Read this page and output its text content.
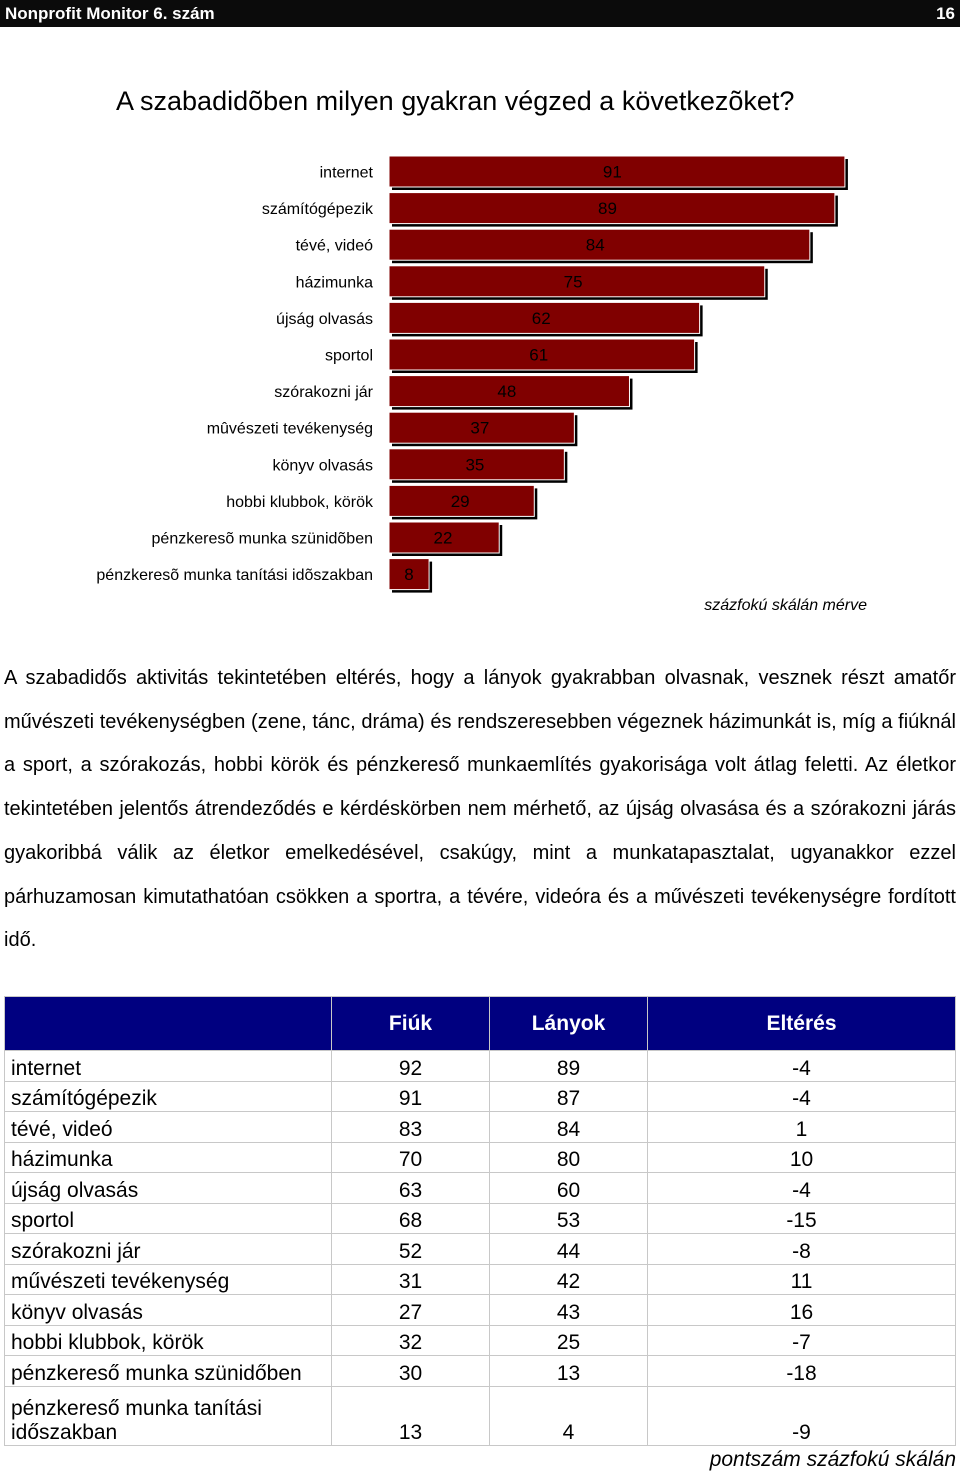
Nonprofit Monitor 6. szám	16
A szabadidõben milyen gyakran végzed a következõket?
internet	91
számítógépezik	89
tévé, videó	84
házimunka	75
újság olvasás	62
sportol	61
szórakozni jár	48
mûvészeti tevékenység	37
könyv olvasás	35
hobbi klubbok, körök	29
pénzkeresõ munka szünidõben	22
pénzkeresõ munka tanítási idõszakban 8
százfokú skálán mérve

A szabadidős aktivitás tekintetében eltérés, hogy a lányok gyakrabban olvasnak, vesznek részt amatőr művészeti tevékenységben (zene, tánc, dráma) és rendszeresebben végeznek házimunkát is, míg a fiúknál a sport, a szórakozás, hobbi körök és pénzkereső munkaemlítés gyakorisága volt átlag feletti. Az életkor tekintetében jelentős átrendeződés e kérdéskörben nem mérhető, az újság olvasása és a szórakozni járás gyakoribbá válik az életkor emelkedésével, csakúgy, mint a munkatapasztalat, ugyanakkor ezzel párhuzamosan kimutathatóan csökken a sportra, a tévére, videóra és a művészeti tevékenységre fordított idő.

	Fiúk	Lányok	Eltérés
internet	92	89	-4
számítógépezik	91	87	-4
tévé, videó	83	84	1
házimunka	70	80	10
újság olvasás	63	60	-4
sportol	68	53	-15
szórakozni jár	52	44	-8
művészeti tevékenység	31	42	11
könyv olvasás	27	43	16
hobbi klubbok, körök	32	25	-7
pénzkereső munka szünidőben	30	13	-18
pénzkereső munka tanítási időszakban	13	4	-9
pontszám százfokú skálán
